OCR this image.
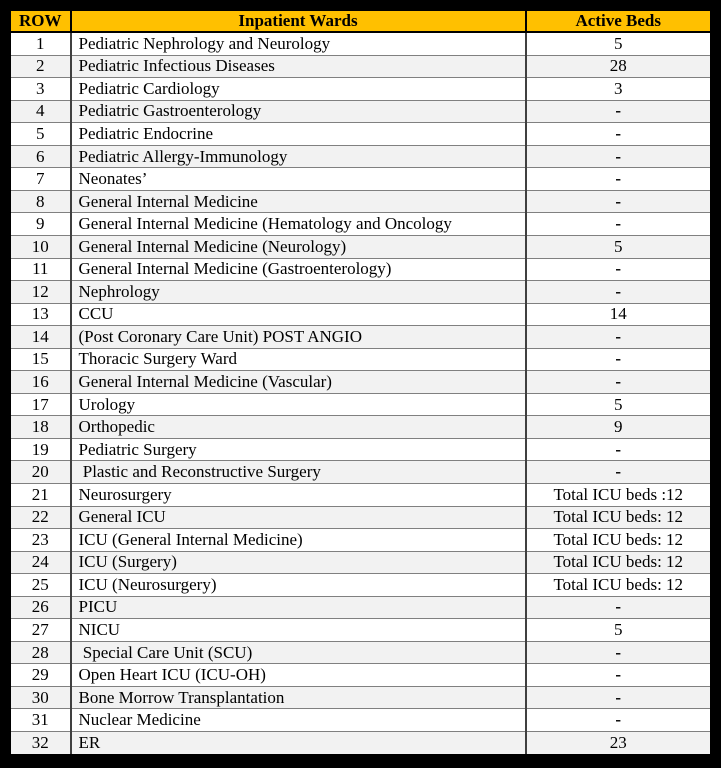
ROW	Inpatient Wards	Active Beds
1	Pediatric Nephrology and Neurology	5
2	Pediatric Infectious Diseases	28
3	Pediatric Cardiology	3
4	Pediatric Gastroenterology	-
5	Pediatric Endocrine	-
6	Pediatric Allergy-Immunology	-
7	Neonates’	-
8	General Internal Medicine	-
9	General Internal Medicine (Hematology and Oncology	-
10	General Internal Medicine (Neurology)	5
11	General Internal Medicine (Gastroenterology)	-
12	Nephrology	-
13	CCU	14
14	(Post Coronary Care Unit) POST ANGIO	-
15	Thoracic Surgery Ward	-
16	General Internal Medicine (Vascular)	-
17	Urology	5
18	Orthopedic	9
19	Pediatric Surgery	-
20	Plastic and Reconstructive Surgery	-
21	Neurosurgery	Total ICU beds :12
22	General ICU	Total ICU beds: 12
23	ICU (General Internal Medicine)	Total ICU beds: 12
24	ICU (Surgery)	Total ICU beds: 12
25	ICU (Neurosurgery)	Total ICU beds: 12
26	PICU	-
27	NICU	5
28	Special Care Unit (SCU)	-
29	Open Heart ICU (ICU-OH)	-
30	Bone Morrow Transplantation	-
31	Nuclear Medicine	-
32	ER	23
